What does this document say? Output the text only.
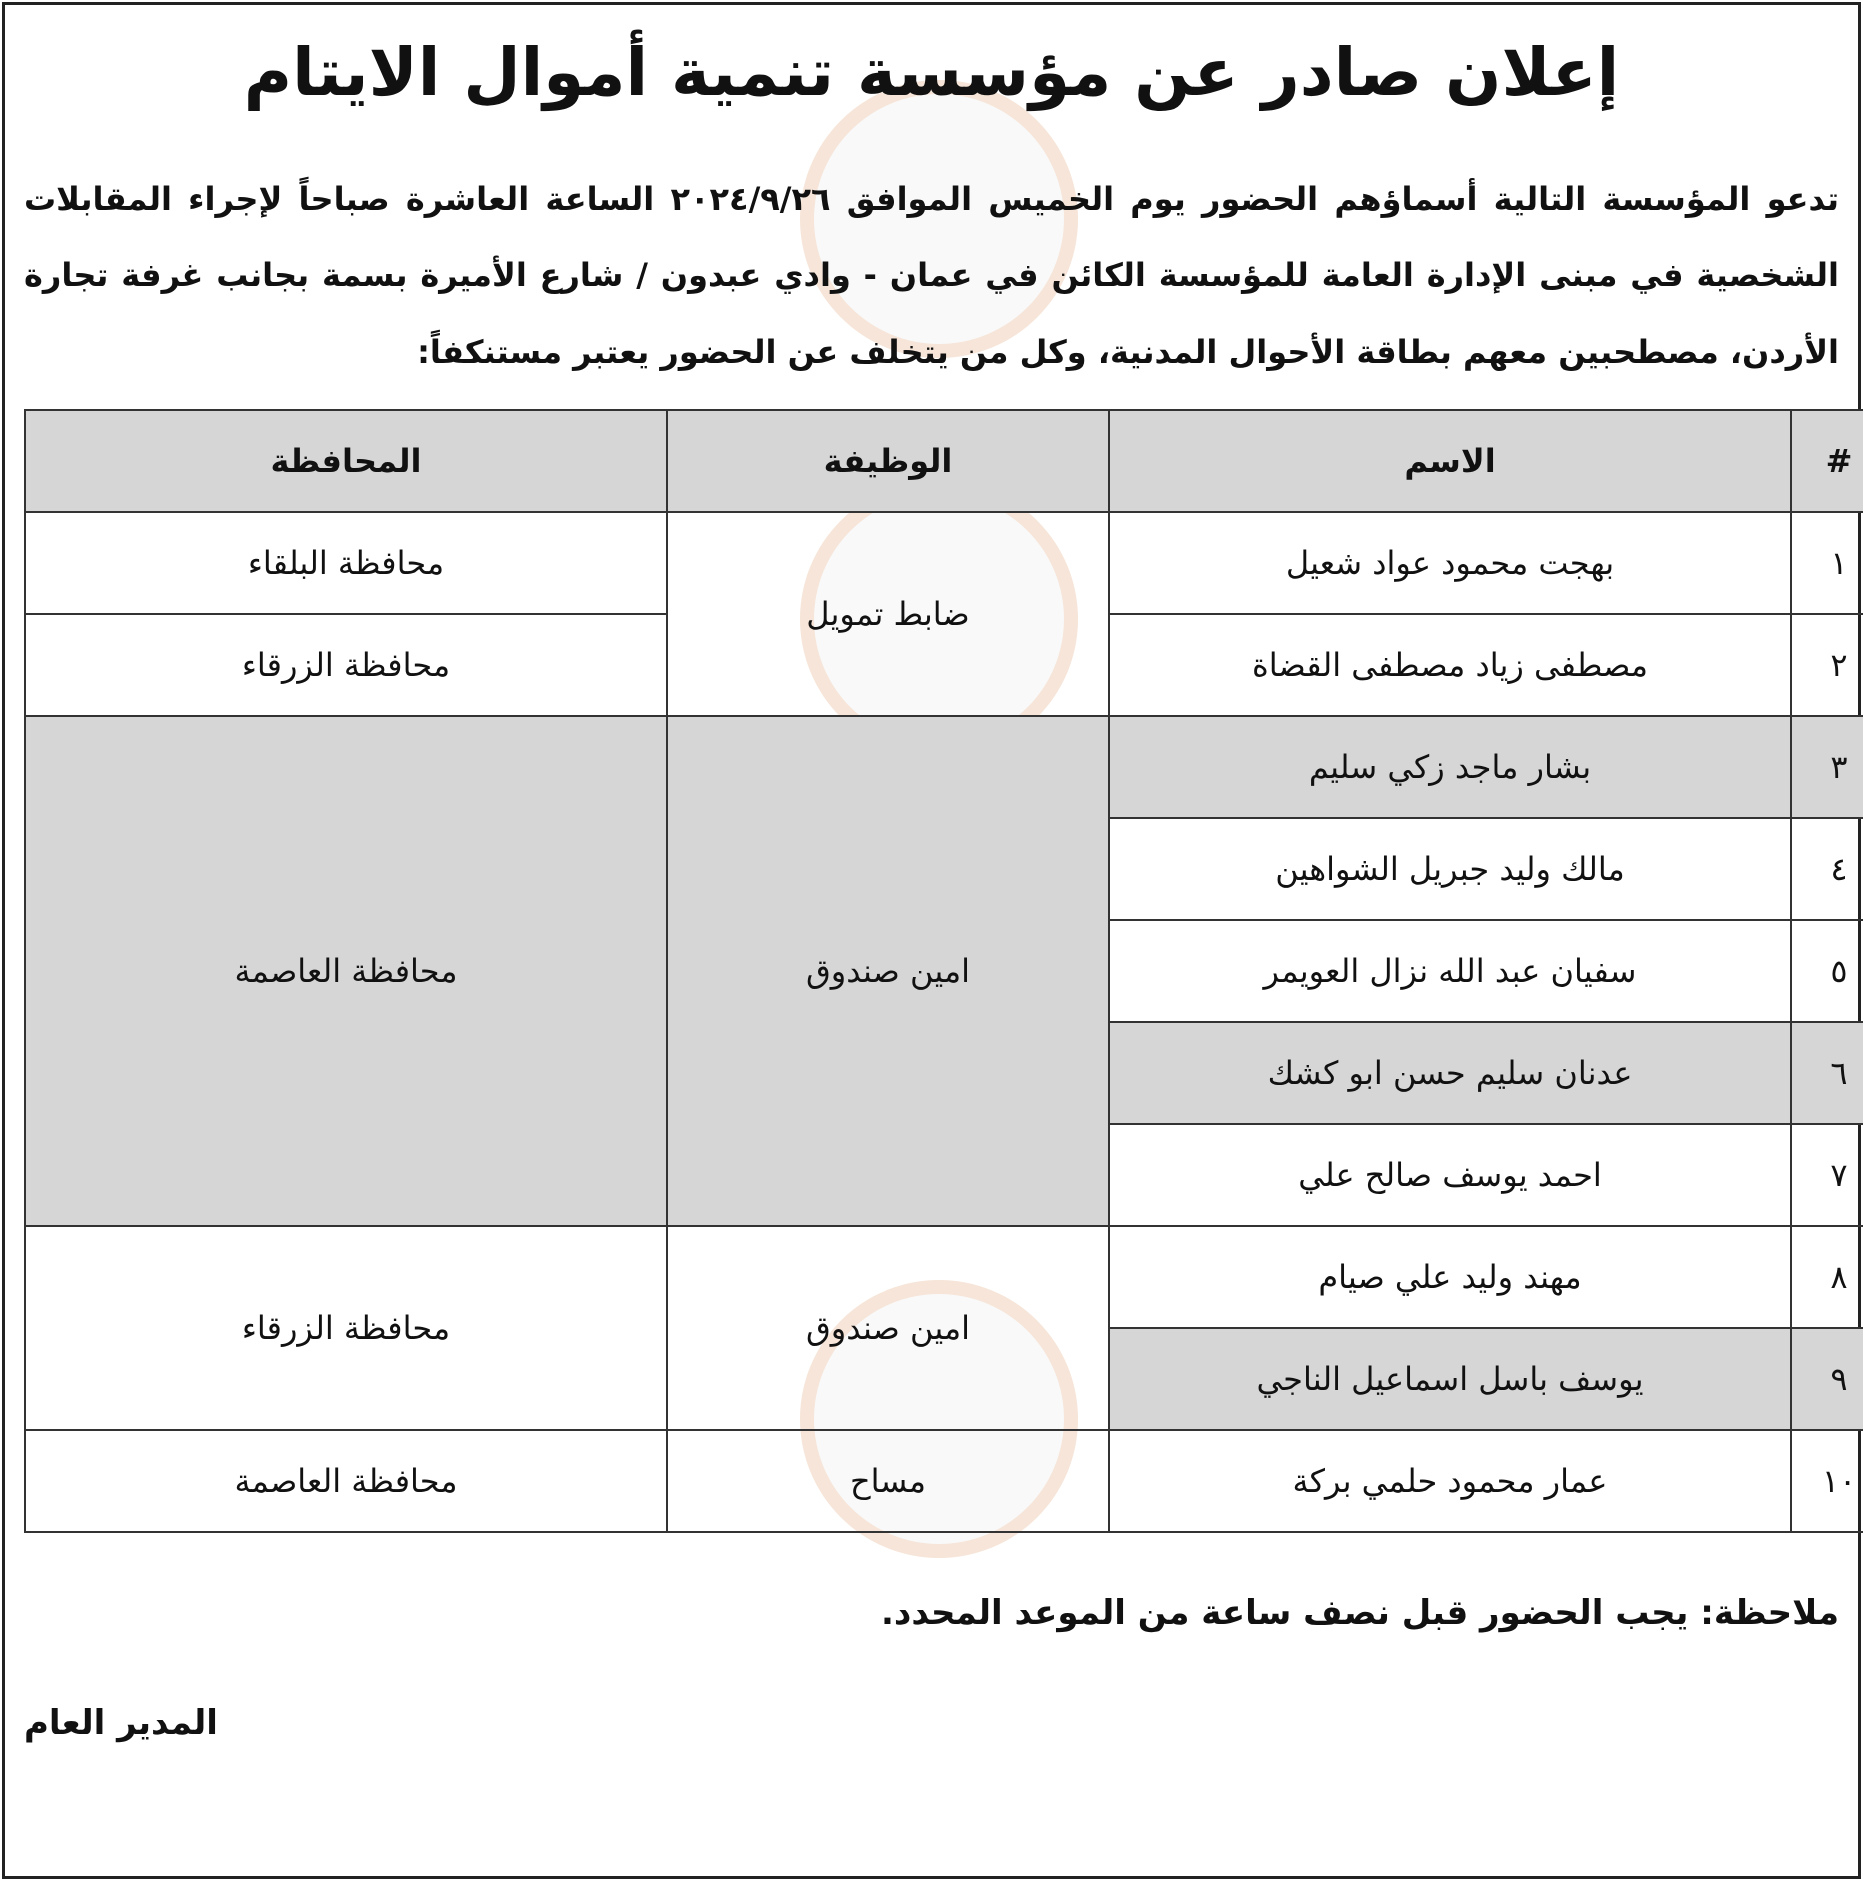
إعلان صادر عن مؤسسة تنمية أموال الايتام
تدعو المؤسسة التالية أسماؤهم الحضور يوم الخميس الموافق ٢٠٢٤/٩/٢٦ الساعة العاشرة صباحاً لإجراء المقابلات
الشخصية في مبنى الإدارة العامة للمؤسسة الكائن في عمان - وادي عبدون / شارع الأميرة بسمة بجانب غرفة تجارة
الأردن، مصطحبين معهم بطاقة الأحوال المدنية، وكل من يتخلف عن الحضور يعتبر مستنكفاً:
#	الاسم	الوظيفة	المحافظة
١	بهجت محمود عواد شعيل	ضابط تمويل	محافظة البلقاء
٢	مصطفى زياد مصطفى القضاة		محافظة الزرقاء
٣	بشار ماجد زكي سليم	امين صندوق	محافظة العاصمة
٤	مالك وليد جبريل الشواهين		
٥	سفيان عبد الله نزال العويمر		
٦	عدنان سليم حسن ابو كشك		
٧	احمد يوسف صالح علي		
٨	مهند وليد علي صيام	امين صندوق	محافظة الزرقاء
٩	يوسف باسل اسماعيل الناجي		
١٠	عمار محمود حلمي بركة	مساح	محافظة العاصمة
ملاحظة: يجب الحضور قبل نصف ساعة من الموعد المحدد.
المدير العام
